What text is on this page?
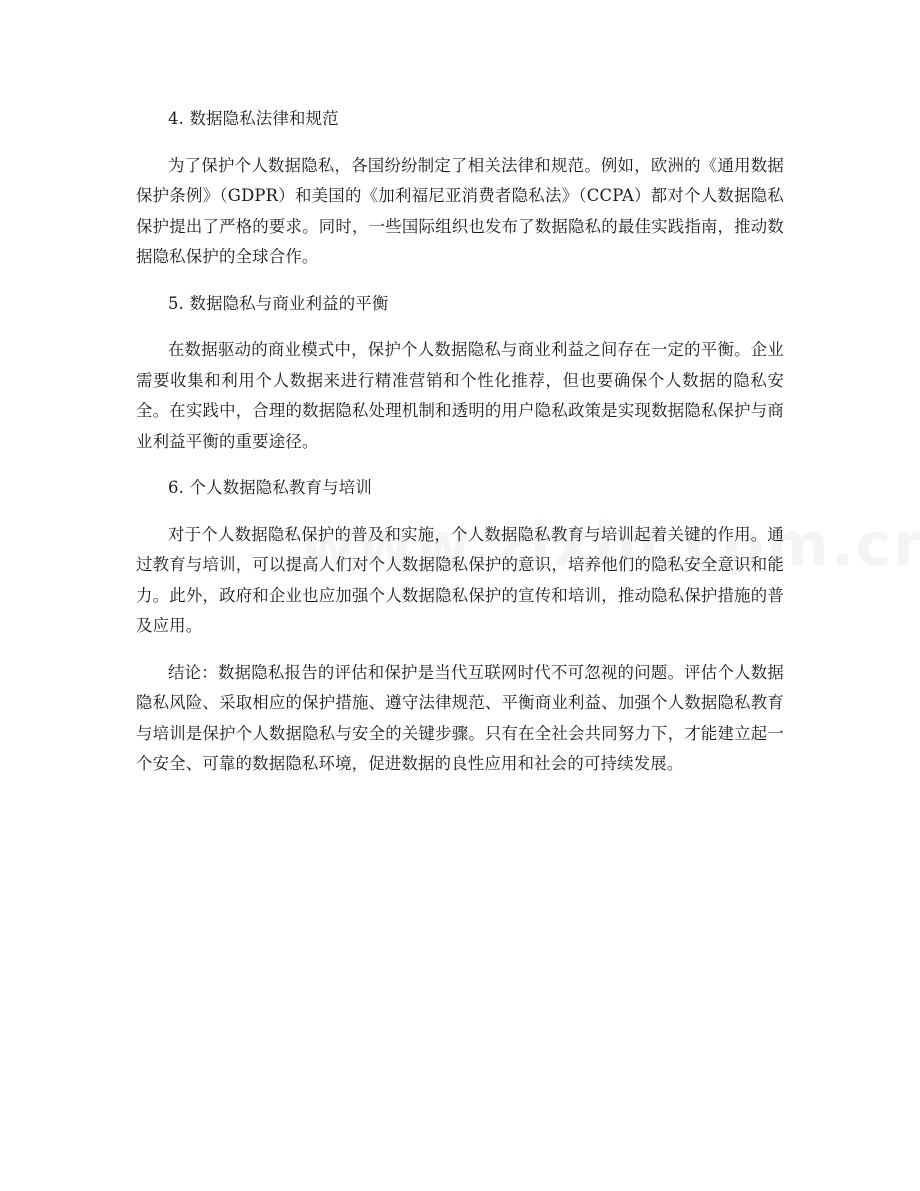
4. 数据隐私法律和规范

为了保护个人数据隐私，各国纷纷制定了相关法律和规范。例如，欧洲的《通用数据保护条例》（GDPR）和美国的《加利福尼亚消费者隐私法》（CCPA）都对个人数据隐私保护提出了严格的要求。同时，一些国际组织也发布了数据隐私的最佳实践指南，推动数据隐私保护的全球合作。

5. 数据隐私与商业利益的平衡

在数据驱动的商业模式中，保护个人数据隐私与商业利益之间存在一定的平衡。企业需要收集和利用个人数据来进行精准营销和个性化推荐，但也要确保个人数据的隐私安全。在实践中，合理的数据隐私处理机制和透明的用户隐私政策是实现数据隐私保护与商业利益平衡的重要途径。

6. 个人数据隐私教育与培训

对于个人数据隐私保护的普及和实施，个人数据隐私教育与培训起着关键的作用。通过教育与培训，可以提高人们对个人数据隐私保护的意识，培养他们的隐私安全意识和能力。此外，政府和企业也应加强个人数据隐私保护的宣传和培训，推动隐私保护措施的普及应用。

结论：数据隐私报告的评估和保护是当代互联网时代不可忽视的问题。评估个人数据隐私风险、采取相应的保护措施、遵守法律规范、平衡商业利益、加强个人数据隐私教育与培训是保护个人数据隐私与安全的关键步骤。只有在全社会共同努力下，才能建立起一个安全、可靠的数据隐私环境，促进数据的良性应用和社会的可持续发展。
